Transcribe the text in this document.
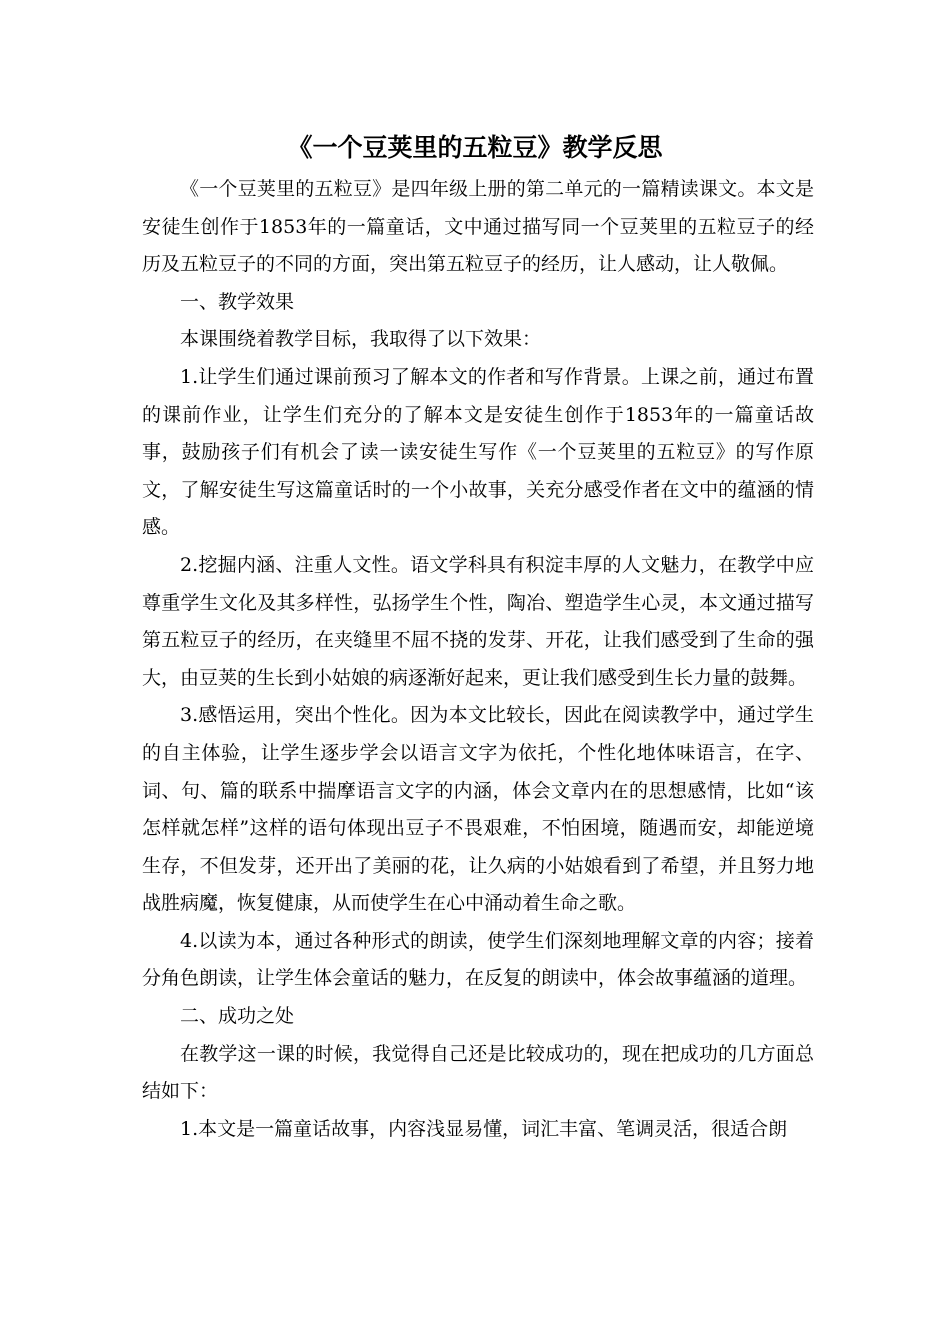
《一个豆荚里的五粒豆》教学反思

《一个豆荚里的五粒豆》是四年级上册的第二单元的一篇精读课文。本文是安徒生创作于1853年的一篇童话，文中通过描写同一个豆荚里的五粒豆子的经历及五粒豆子的不同的方面，突出第五粒豆子的经历，让人感动，让人敬佩。

一、教学效果

本课围绕着教学目标，我取得了以下效果：

1.让学生们通过课前预习了解本文的作者和写作背景。上课之前，通过布置的课前作业，让学生们充分的了解本文是安徒生创作于1853年的一篇童话故事，鼓励孩子们有机会了读一读安徒生写作《一个豆荚里的五粒豆》的写作原文，了解安徒生写这篇童话时的一个小故事，关充分感受作者在文中的蕴涵的情感。

2.挖掘内涵、注重人文性。语文学科具有积淀丰厚的人文魅力，在教学中应尊重学生文化及其多样性，弘扬学生个性，陶冶、塑造学生心灵，本文通过描写第五粒豆子的经历，在夹缝里不屈不挠的发芽、开花，让我们感受到了生命的强大，由豆荚的生长到小姑娘的病逐渐好起来，更让我们感受到生长力量的鼓舞。

3.感悟运用，突出个性化。因为本文比较长，因此在阅读教学中，通过学生的自主体验，让学生逐步学会以语言文字为依托，个性化地体味语言，在字、词、句、篇的联系中揣摩语言文字的内涵，体会文章内在的思想感情，比如“该怎样就怎样”这样的语句体现出豆子不畏艰难，不怕困境，随遇而安，却能逆境生存，不但发芽，还开出了美丽的花，让久病的小姑娘看到了希望，并且努力地战胜病魔，恢复健康，从而使学生在心中涌动着生命之歌。

4.以读为本，通过各种形式的朗读，使学生们深刻地理解文章的内容；接着分角色朗读，让学生体会童话的魅力，在反复的朗读中，体会故事蕴涵的道理。

二、成功之处

在教学这一课的时候，我觉得自己还是比较成功的，现在把成功的几方面总结如下：

1.本文是一篇童话故事，内容浅显易懂，词汇丰富、笔调灵活，很适合朗
